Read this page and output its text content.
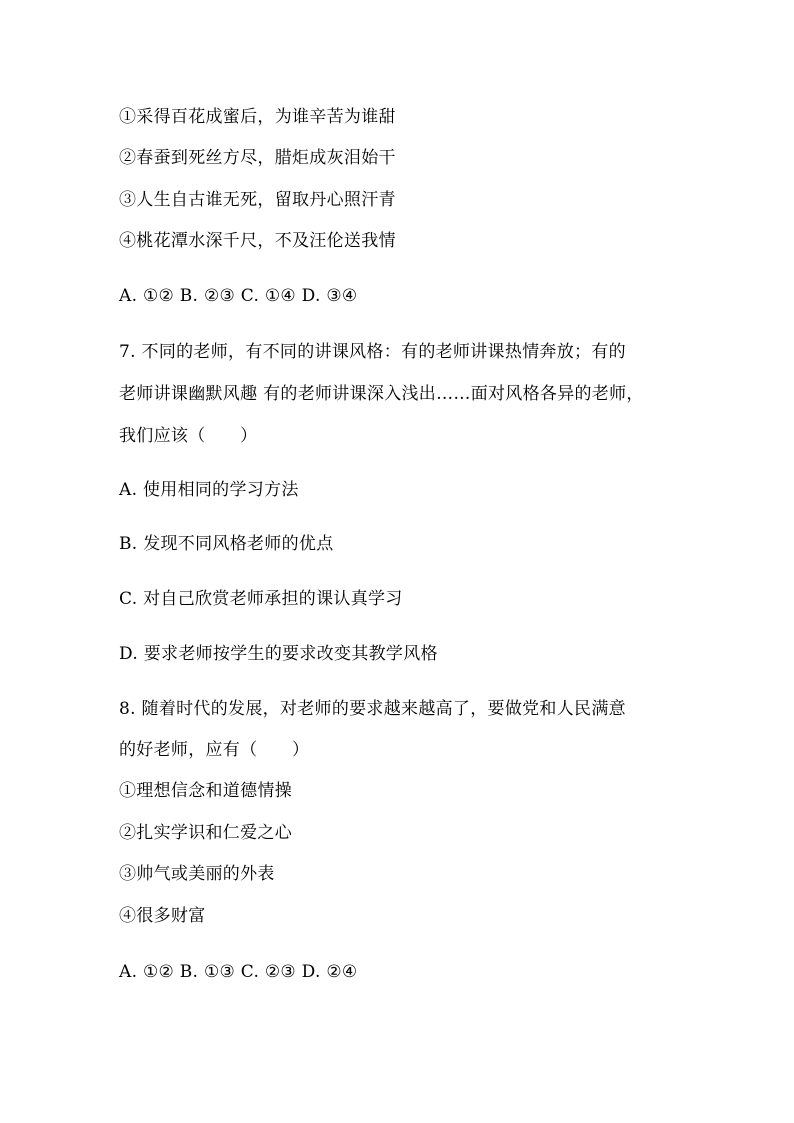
①采得百花成蜜后，为谁辛苦为谁甜
②春蚕到死丝方尽，腊炬成灰泪始干
③人生自古谁无死，留取丹心照汗青
④桃花潭水深千尺，不及汪伦送我情
A. ①② B. ②③ C. ①④ D. ③④
7. 不同的老师，有不同的讲课风格：有的老师讲课热情奔放；有的
老师讲课幽默风趣 有的老师讲课深入浅出……面对风格各异的老师，
我们应该（　　）
A. 使用相同的学习方法
B. 发现不同风格老师的优点
C. 对自己欣赏老师承担的课认真学习
D. 要求老师按学生的要求改变其教学风格
8. 随着时代的发展，对老师的要求越来越高了，要做党和人民满意
的好老师，应有（　　）
①理想信念和道德情操
②扎实学识和仁爱之心
③帅气或美丽的外表
④很多财富
A. ①② B. ①③ C. ②③ D. ②④
